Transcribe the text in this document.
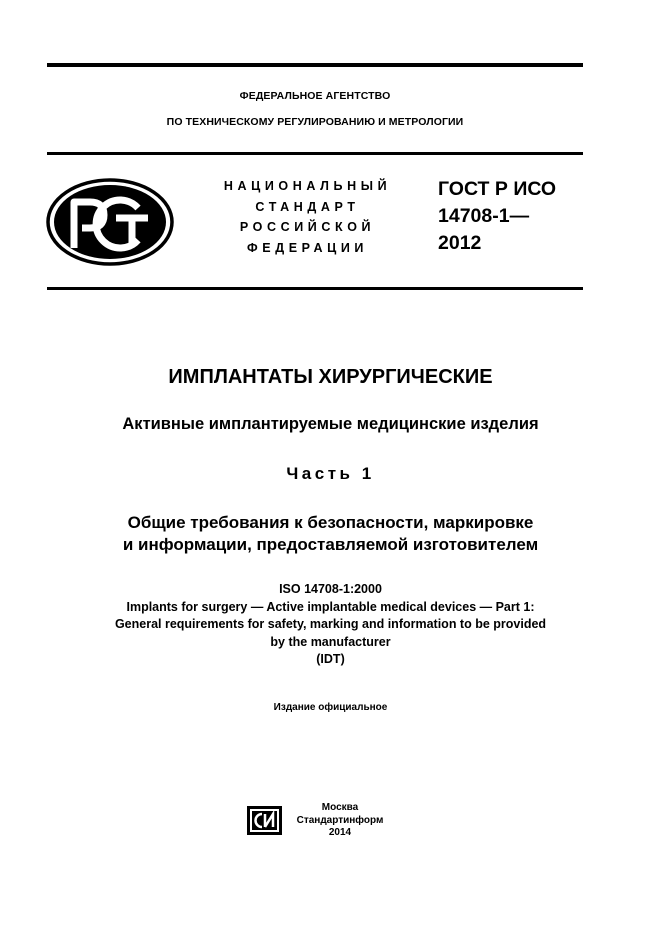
ФЕДЕРАЛЬНОЕ АГЕНТСТВО
ПО ТЕХНИЧЕСКОМУ РЕГУЛИРОВАНИЮ И МЕТРОЛОГИИ
НАЦИОНАЛЬНЫЙ
СТАНДАРТ
РОССИЙСКОЙ
ФЕДЕРАЦИИ
ГОСТ Р ИСО
14708-1—
2012
ИМПЛАНТАТЫ ХИРУРГИЧЕСКИЕ
Активные имплантируемые медицинские изделия
Часть 1
Общие требования к безопасности, маркировке
и информации, предоставляемой изготовителем
ISO 14708-1:2000
Implants for surgery — Active implantable medical devices — Part 1:
General requirements for safety, marking and information to be provided
by the manufacturer
(IDT)
Издание официальное
Москва
Стандартинформ
2014
